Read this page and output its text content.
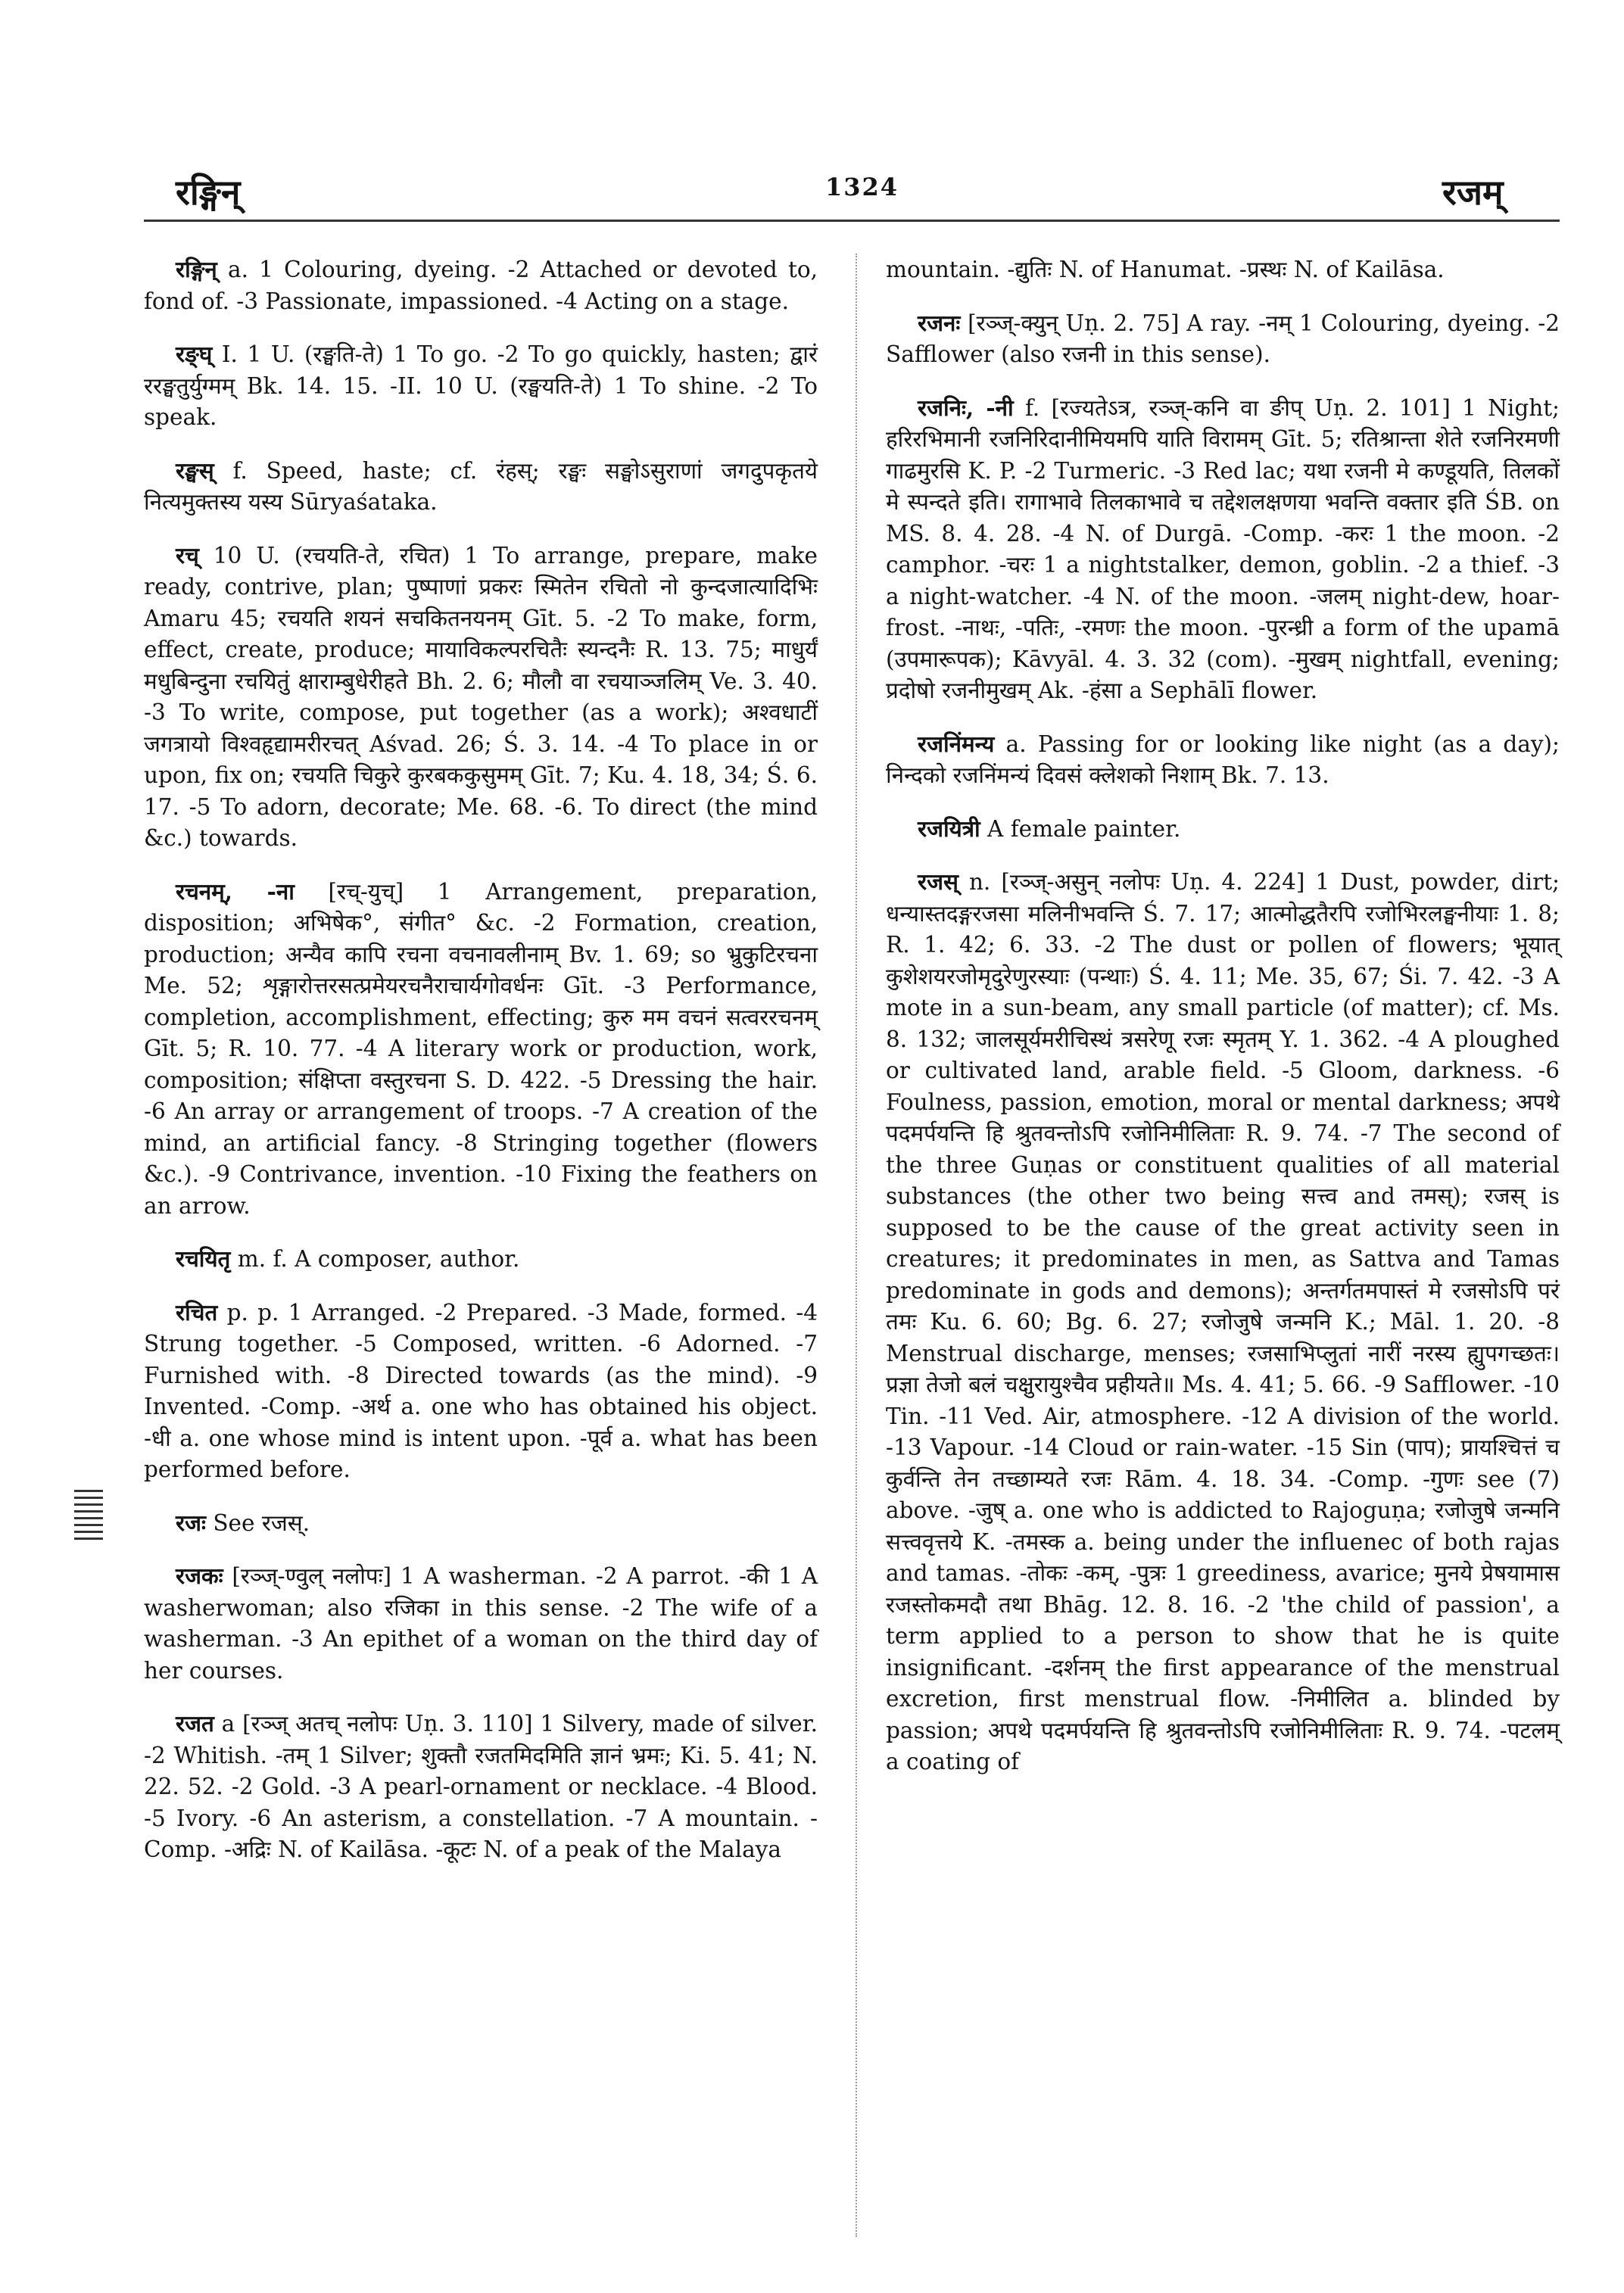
रङ्गिन्	1324	रजम्

रङ्गिन् a. 1 Colouring, dyeing. -2 Attached or devoted to, fond of. -3 Passionate, impassioned. -4 Acting on a stage.

रङ्घ् I. 1 U. (रङ्घति-ते) 1 To go. -2 To go quickly, hasten; द्वारं ररङ्घतुर्युग्मम् Bk. 14. 15. -II. 10 U. (रङ्घयति-ते) 1 To shine. -2 To speak.

रङ्घस् f. Speed, haste; cf. रंहस्; रङ्घः सङ्घोऽसुराणां जगदुपकृतये नित्यमुक्तस्य यस्य Sūryaśataka.

रच् 10 U. (रचयति-ते, रचित) 1 To arrange, prepare, make ready, contrive, plan; पुष्पाणां प्रकरः स्मितेन रचितो नो कुन्दजात्यादिभिः Amaru 45; रचयति शयनं सचकितनयनम् Gīt. 5. -2 To make, form, effect, create, produce; मायाविकल्परचितैः स्यन्दनैः R. 13. 75; माधुर्यं मधुबिन्दुना रचयितुं क्षाराम्बुधेरीहते Bh. 2. 6; मौलौ वा रचयाञ्जलिम् Ve. 3. 40. -3 To write, compose, put together (as a work); अश्वधाटीं जगत्रायो विश्वहृद्यामरीरचत् Aśvad. 26; Ś. 3. 14. -4 To place in or upon, fix on; रचयति चिकुरे कुरबककुसुमम् Gīt. 7; Ku. 4. 18, 34; Ś. 6. 17. -5 To adorn, decorate; Me. 68. -6. To direct (the mind &c.) towards.

रचनम्, -ना [रच्-युच्] 1 Arrangement, preparation, disposition; अभिषेक°, संगीत° &c. -2 Formation, creation, production; अन्यैव कापि रचना वचनावलीनाम् Bv. 1. 69; so भ्रुकुटिरचना Me. 52; शृङ्गारोत्तरसत्प्रमेयरचनैराचार्यगोवर्धनः Gīt. -3 Performance, completion, accomplishment, effecting; कुरु मम वचनं सत्वररचनम् Gīt. 5; R. 10. 77. -4 A literary work or production, work, composition; संक्षिप्ता वस्तुरचना S. D. 422. -5 Dressing the hair. -6 An array or arrangement of troops. -7 A creation of the mind, an artificial fancy. -8 Stringing together (flowers &c.). -9 Contrivance, invention. -10 Fixing the feathers on an arrow.

रचयितृ m. f. A composer, author.

रचित p. p. 1 Arranged. -2 Prepared. -3 Made, formed. -4 Strung together. -5 Composed, written. -6 Adorned. -7 Furnished with. -8 Directed towards (as the mind). -9 Invented. -Comp. -अर्थ a. one who has obtained his object. -धी a. one whose mind is intent upon. -पूर्व a. what has been performed before.

रजः See रजस्.

रजकः [रञ्ज्-ण्वुल् नलोपः] 1 A washerman. -2 A parrot. -की 1 A washerwoman; also रजिका in this sense. -2 The wife of a washerman. -3 An epithet of a woman on the third day of her courses.

रजत a [रञ्ज् अतच् नलोपः Uṇ. 3. 110] 1 Silvery, made of silver. -2 Whitish. -तम् 1 Silver; शुक्तौ रजतमिदमिति ज्ञानं भ्रमः; Ki. 5. 41; N. 22. 52. -2 Gold. -3 A pearl-ornament or necklace. -4 Blood. -5 Ivory. -6 An asterism, a constellation. -7 A mountain. -Comp. -अद्रिः N. of Kailāsa. -कूटः N. of a peak of the Malaya

mountain. -द्युतिः N. of Hanumat. -प्रस्थः N. of Kailāsa.

रजनः [रञ्ज्-क्युन् Uṇ. 2. 75] A ray. -नम् 1 Colouring, dyeing. -2 Safflower (also रजनी in this sense).

रजनिः, -नी f. [रज्यतेऽत्र, रञ्ज्-कनि वा ङीप् Uṇ. 2. 101] 1 Night; हरिरभिमानी रजनिरिदानीमियमपि याति विरामम् Gīt. 5; रतिश्रान्ता शेते रजनिरमणी गाढमुरसि K. P. -2 Turmeric. -3 Red lac; यथा रजनी मे कण्डूयति, तिलकों मे स्पन्दते इति। रागाभावे तिलकाभावे च तद्देशलक्षणया भवन्ति वक्तार इति ŚB. on MS. 8. 4. 28. -4 N. of Durgā. -Comp. -करः 1 the moon. -2 camphor. -चरः 1 a nightstalker, demon, goblin. -2 a thief. -3 a night-watcher. -4 N. of the moon. -जलम् night-dew, hoar-frost. -नाथः, -पतिः, -रमणः the moon. -पुरन्ध्री a form of the upamā (उपमारूपक); Kāvyāl. 4. 3. 32 (com). -मुखम् nightfall, evening; प्रदोषो रजनीमुखम् Ak. -हंसा a Sephālī flower.

रजनिंमन्य a. Passing for or looking like night (as a day); निन्दको रजनिंमन्यं दिवसं क्लेशको निशाम् Bk. 7. 13.

रजयित्री A female painter.

रजस् n. [रञ्ज्-असुन् नलोपः Uṇ. 4. 224] 1 Dust, powder, dirt; धन्यास्तदङ्गरजसा मलिनीभवन्ति Ś. 7. 17; आत्मोद्धतैरपि रजोभिरलङ्घनीयाः 1. 8; R. 1. 42; 6. 33. -2 The dust or pollen of flowers; भूयात् कुशेशयरजोमृदुरेणुरस्याः (पन्थाः) Ś. 4. 11; Me. 35, 67; Śi. 7. 42. -3 A mote in a sun-beam, any small particle (of matter); cf. Ms. 8. 132; जालसूर्यमरीचिस्थं त्रसरेणू रजः स्मृतम् Y. 1. 362. -4 A ploughed or cultivated land, arable field. -5 Gloom, darkness. -6 Foulness, passion, emotion, moral or mental darkness; अपथे पदमर्पयन्ति हि श्रुतवन्तोऽपि रजोनिमीलिताः R. 9. 74. -7 The second of the three Guṇas or constituent qualities of all material substances (the other two being सत्त्व and तमस्); रजस् is supposed to be the cause of the great activity seen in creatures; it predominates in men, as Sattva and Tamas predominate in gods and demons); अन्तर्गतमपास्तं मे रजसोऽपि परं तमः Ku. 6. 60; Bg. 6. 27; रजोजुषे जन्मनि K.; Māl. 1. 20. -8 Menstrual discharge, menses; रजसाभिप्लुतां नारीं नरस्य ह्युपगच्छतः। प्रज्ञा तेजो बलं चक्षुरायुश्चैव प्रहीयते॥ Ms. 4. 41; 5. 66. -9 Safflower. -10 Tin. -11 Ved. Air, atmosphere. -12 A division of the world. -13 Vapour. -14 Cloud or rain-water. -15 Sin (पाप); प्रायश्चित्तं च कुर्वन्ति तेन तच्छाम्यते रजः Rām. 4. 18. 34. -Comp. -गुणः see (7) above. -जुष् a. one who is addicted to Rajoguṇa; रजोजुषे जन्मनि सत्त्ववृत्तये K. -तमस्क a. being under the influenec of both rajas and tamas. -तोकः -कम्, -पुत्रः 1 greediness, avarice; मुनये प्रेषयामास रजस्तोकमदौ तथा Bhāg. 12. 8. 16. -2 'the child of passion', a term applied to a person to show that he is quite insignificant. -दर्शनम् the first appearance of the menstrual excretion, first menstrual flow. -निमीलित a. blinded by passion; अपथे पदमर्पयन्ति हि श्रुतवन्तोऽपि रजोनिमीलिताः R. 9. 74. -पटलम् a coating of
